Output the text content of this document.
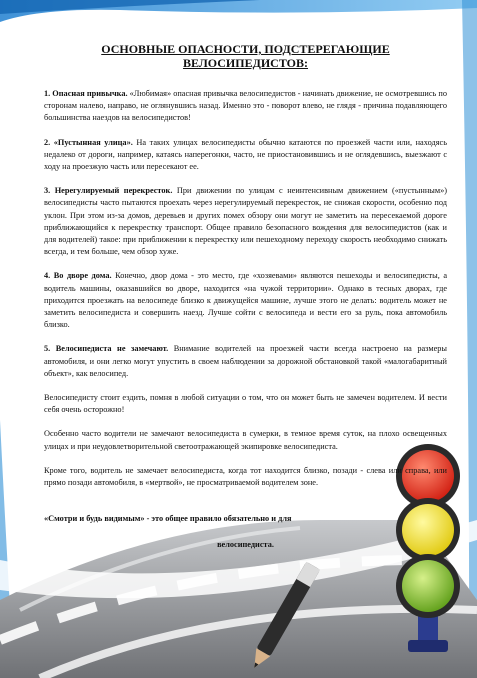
ОСНОВНЫЕ ОПАСНОСТИ, ПОДСТЕРЕГАЮЩИЕ
ВЕЛОСИПЕДИСТОВ:

1. Опасная привычка. «Любимая» опасная привычка велосипедистов - начинать движение, не осмотревшись по сторонам налево, направо, не оглянувшись назад. Именно это - поворот влево, не глядя - причина подавляющего большинства наездов на велосипедистов!

2. «Пустынная улица». На таких улицах велосипедисты обычно катаются по проезжей части или, находясь недалеко от дороги, например, катаясь наперегонки, часто, не приостановившись и не оглядевшись, выезжают с ходу на проезжую часть или пересекают ее.

3. Нерегулируемый перекресток. При движении по улицам с неинтенсивным движением («пустынным») велосипедисты часто пытаются проехать через нерегулируемый перекресток, не снижая скорости, особенно под уклон. При этом из-за домов, деревьев и других помех обзору они могут не заметить на пересекаемой дороге приближающийся к перекрестку транспорт. Общее правило безопасного вождения для велосипедистов (как и для водителей) такое: при приближении к перекрестку или пешеходному переходу скорость необходимо снижать всегда, и тем больше, чем обзор хуже.

4. Во дворе дома. Конечно, двор дома - это место, где «хозяевами» являются пешеходы и велосипедисты, а водитель машины, оказавшийся во дворе, находится «на чужой территории». Однако в тесных дворах, где приходится проезжать на велосипеде близко к движущейся машине, лучше этого не делать: водитель может не заметить велосипедиста и совершить наезд. Лучше сойти с велосипеда и вести его за руль, пока автомобиль близко.

5. Велосипедиста не замечают. Внимание водителей на проезжей части всегда настроено на размеры автомобиля, и они легко могут упустить в своем наблюдении за дорожной обстановкой такой «малогабаритный объект», как велосипед.

Велосипедисту стоит ездить, помня в любой ситуации о том, что он может быть не замечен водителем. И вести себя очень осторожно!

Особенно часто водители не замечают велосипедиста в сумерки, в темное время суток, на плохо освещенных улицах и при неудовлетворительной светоотражающей экипировке велосипедиста.

Кроме того, водитель не замечает велосипедиста, когда тот находится близко, позади - слева или справа, или прямо позади автомобиля, в «мертвой», не просматриваемой водителем зоне.

«Смотри и будь видимым» - это общее правило обязательно и для
велосипедиста.
